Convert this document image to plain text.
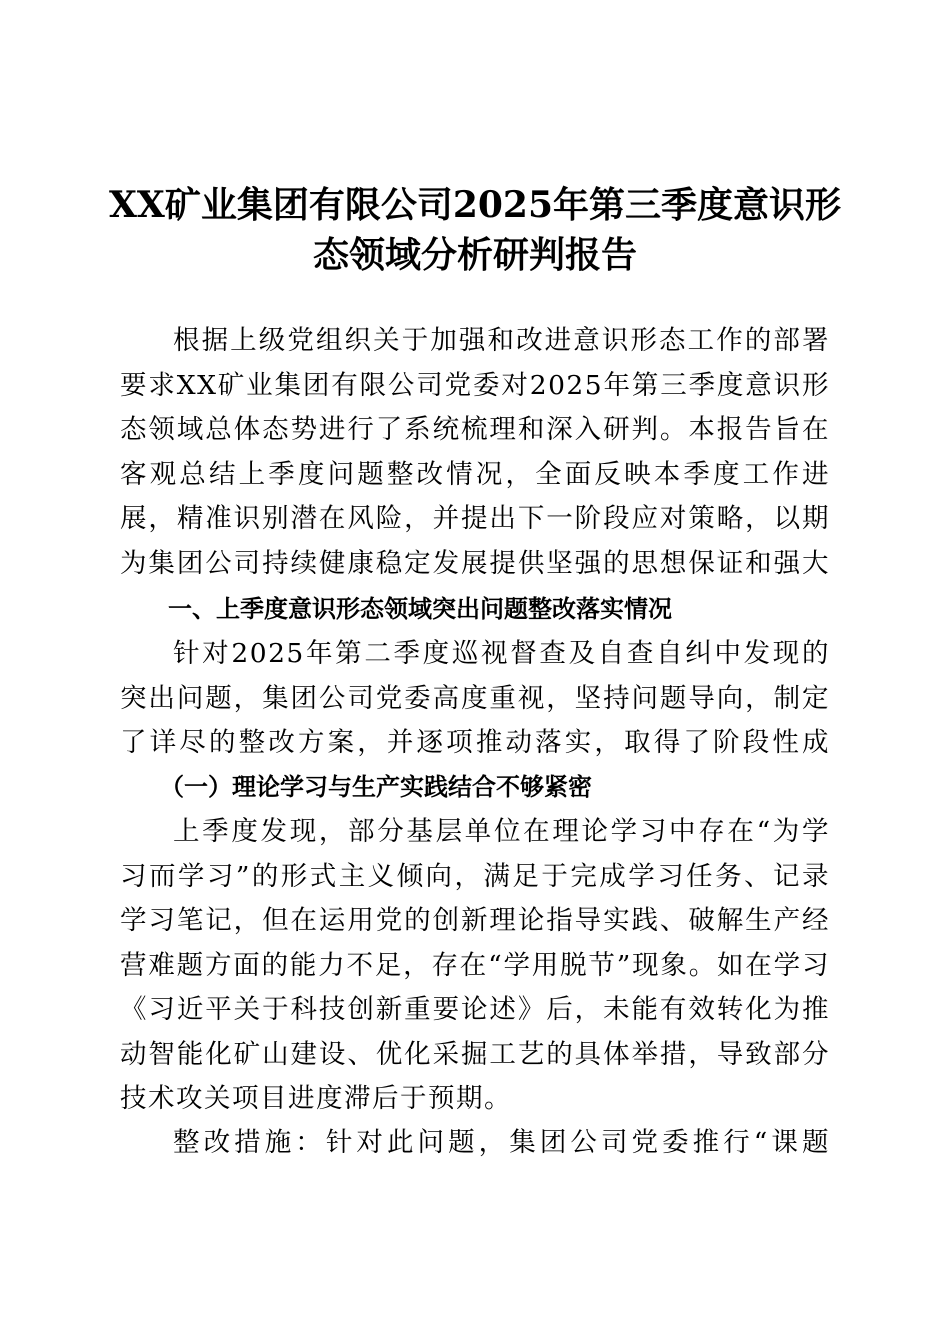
XX矿业集团有限公司2025年第三季度意识形
态领域分析研判报告

根据上级党组织关于加强和改进意识形态工作的部署要求XX矿业集团有限公司党委对2025年第三季度意识形态领域总体态势进行了系统梳理和深入研判。本报告旨在客观总结上季度问题整改情况，全面反映本季度工作进展，精准识别潜在风险，并提出下一阶段应对策略，以期为集团公司持续健康稳定发展提供坚强的思想保证和强大

一、上季度意识形态领域突出问题整改落实情况

针对2025年第二季度巡视督查及自查自纠中发现的突出问题，集团公司党委高度重视，坚持问题导向，制定了详尽的整改方案，并逐项推动落实，取得了阶段性成

（一）理论学习与生产实践结合不够紧密

上季度发现，部分基层单位在理论学习中存在“为学习而学习”的形式主义倾向，满足于完成学习任务、记录学习笔记，但在运用党的创新理论指导实践、破解生产经营难题方面的能力不足，存在“学用脱节”现象。如在学习《习近平关于科技创新重要论述》后，未能有效转化为推动智能化矿山建设、优化采掘工艺的具体举措，导致部分技术攻关项目进度滞后于预期。

整改措施：针对此问题，集团公司党委推行“课题
